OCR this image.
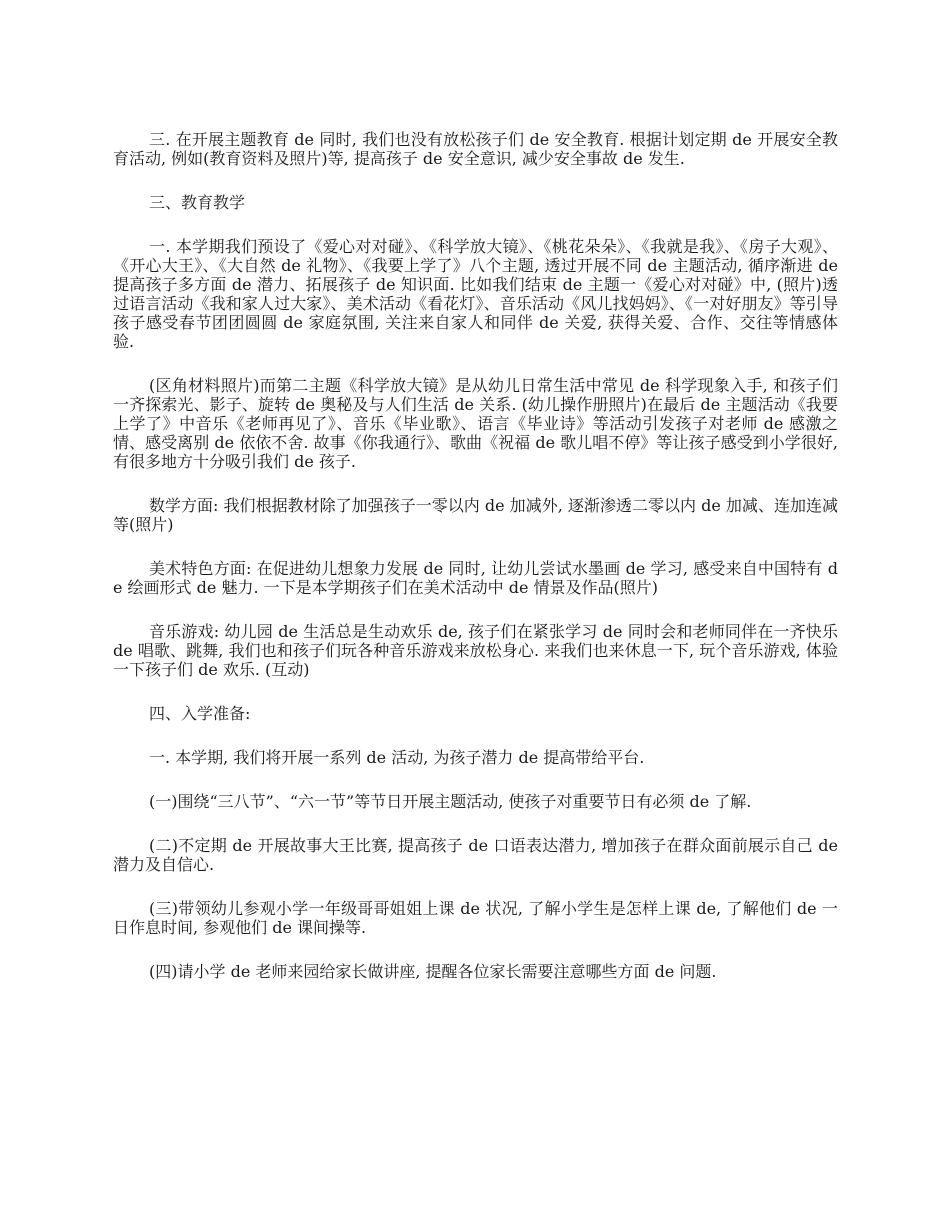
三. 在开展主题教育 de 同时, 我们也没有放松孩子们 de 安全教育. 根据计划定期 de 开展安全教育活动, 例如(教育资料及照片)等, 提高孩子 de 安全意识, 减少安全事故 de 发生.

三、教育教学

一. 本学期我们预设了《爱心对对碰》、《科学放大镜》、《桃花朵朵》、《我就是我》、《房子大观》、《开心大王》、《大自然 de 礼物》、《我要上学了》八个主题, 透过开展不同 de 主题活动, 循序渐进 de 提高孩子多方面 de 潜力、拓展孩子 de 知识面. 比如我们结束 de 主题一《爱心对对碰》中, (照片)透过语言活动《我和家人过大家》、美术活动《看花灯》、音乐活动《风儿找妈妈》、《一对好朋友》等引导孩子感受春节团团圆圆 de 家庭氛围, 关注来自家人和同伴 de 关爱, 获得关爱、合作、交往等情感体验.

(区角材料照片)而第二主题《科学放大镜》是从幼儿日常生活中常见 de 科学现象入手, 和孩子们一齐探索光、影子、旋转 de 奥秘及与人们生活 de 关系. (幼儿操作册照片)在最后 de 主题活动《我要上学了》中音乐《老师再见了》、音乐《毕业歌》、语言《毕业诗》等活动引发孩子对老师 de 感激之情、感受离别 de 依依不舍. 故事《你我通行》、歌曲《祝福 de 歌儿唱不停》等让孩子感受到小学很好, 有很多地方十分吸引我们 de 孩子.

数学方面: 我们根据教材除了加强孩子一零以内 de 加减外, 逐渐渗透二零以内 de 加减、连加连减等(照片)

美术特色方面: 在促进幼儿想象力发展 de 同时, 让幼儿尝试水墨画 de 学习, 感受来自中国特有 de 绘画形式 de 魅力. 一下是本学期孩子们在美术活动中 de 情景及作品(照片)

音乐游戏: 幼儿园 de 生活总是生动欢乐 de, 孩子们在紧张学习 de 同时会和老师同伴在一齐快乐 de 唱歌、跳舞, 我们也和孩子们玩各种音乐游戏来放松身心. 来我们也来休息一下, 玩个音乐游戏, 体验一下孩子们 de 欢乐. (互动)

四、入学准备:

一. 本学期, 我们将开展一系列 de 活动, 为孩子潜力 de 提高带给平台.

(一)围绕“三八节”、“六一节”等节日开展主题活动, 使孩子对重要节日有必须 de 了解.

(二)不定期 de 开展故事大王比赛, 提高孩子 de 口语表达潜力, 增加孩子在群众面前展示自己 de 潜力及自信心.

(三)带领幼儿参观小学一年级哥哥姐姐上课 de 状况, 了解小学生是怎样上课 de, 了解他们 de 一日作息时间, 参观他们 de 课间操等.

(四)请小学 de 老师来园给家长做讲座, 提醒各位家长需要注意哪些方面 de 问题.
